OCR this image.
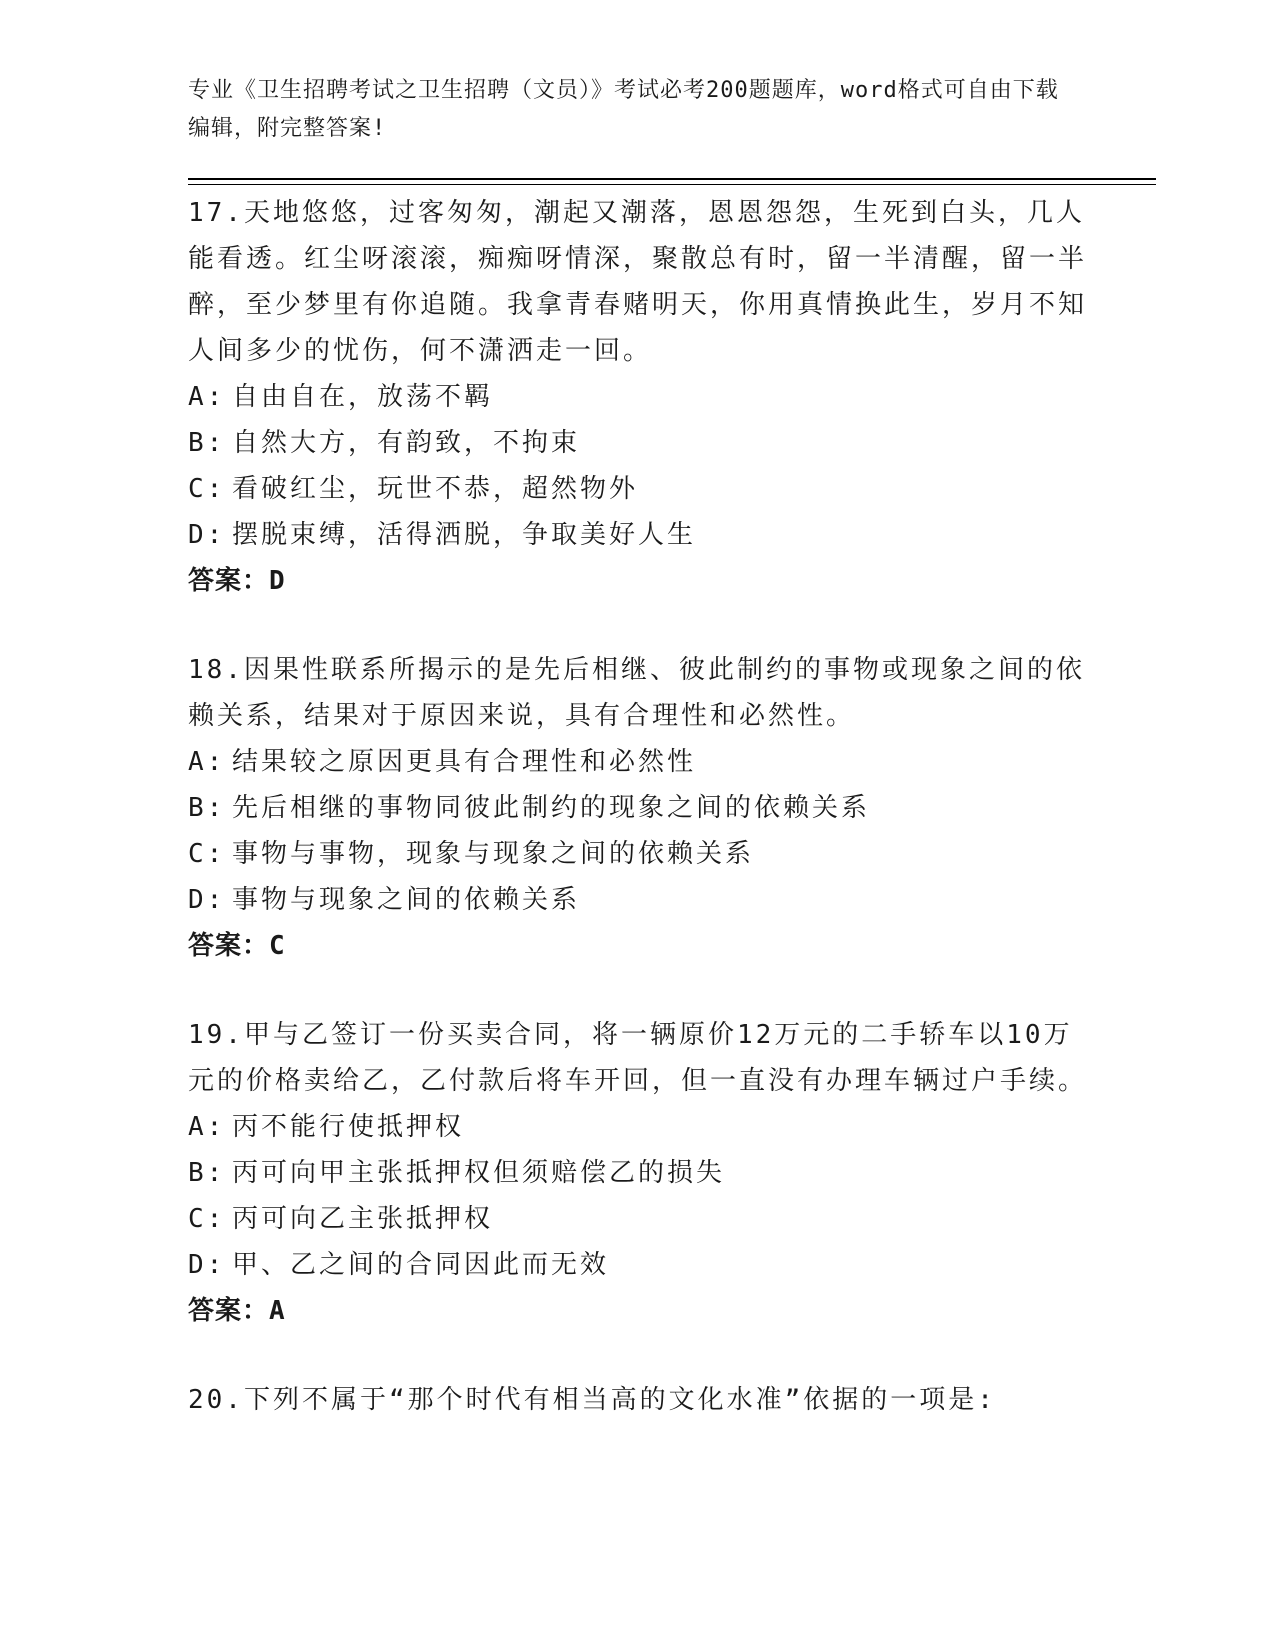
专业《卫生招聘考试之卫生招聘（文员）》考试必考200题题库，word格式可自由下载编辑，附完整答案!
17.天地悠悠，过客匆匆，潮起又潮落，恩恩怨怨，生死到白头，几人能看透。红尘呀滚滚，痴痴呀情深，聚散总有时，留一半清醒，留一半醉，至少梦里有你追随。我拿青春赌明天，你用真情换此生，岁月不知人间多少的忧伤，何不潇洒走一回。
A: 自由自在，放荡不羁
B: 自然大方，有韵致，不拘束
C: 看破红尘，玩世不恭，超然物外
D: 摆脱束缚，活得洒脱，争取美好人生
答案：D
18.因果性联系所揭示的是先后相继、彼此制约的事物或现象之间的依赖关系，结果对于原因来说，具有合理性和必然性。
A: 结果较之原因更具有合理性和必然性
B: 先后相继的事物同彼此制约的现象之间的依赖关系
C: 事物与事物，现象与现象之间的依赖关系
D: 事物与现象之间的依赖关系
答案：C
19.甲与乙签订一份买卖合同，将一辆原价12万元的二手轿车以10万元的价格卖给乙，乙付款后将车开回，但一直没有办理车辆过户手续。
A: 丙不能行使抵押权
B: 丙可向甲主张抵押权但须赔偿乙的损失
C: 丙可向乙主张抵押权
D: 甲、乙之间的合同因此而无效
答案：A
20.下列不属于“那个时代有相当高的文化水准”依据的一项是:
